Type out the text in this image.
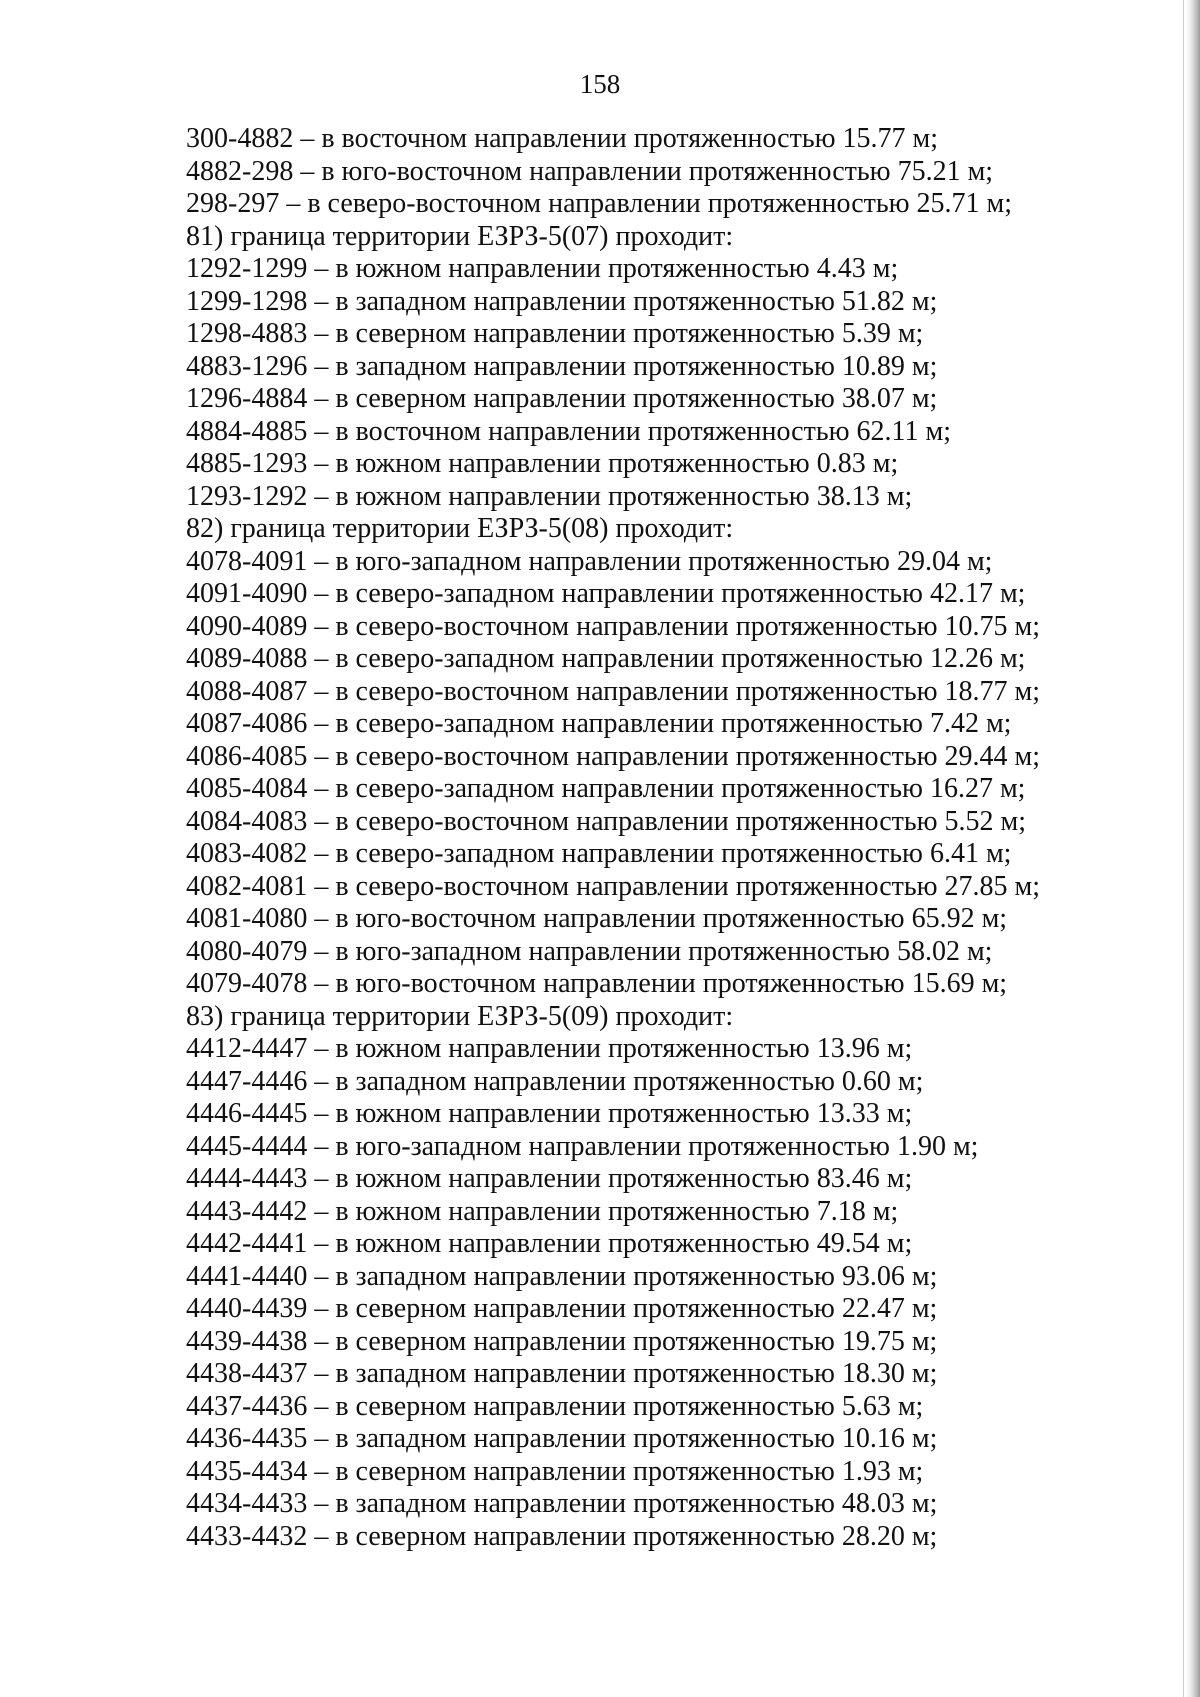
158
300-4882 – в восточном направлении протяженностью 15.77 м;
4882-298 – в юго-восточном направлении протяженностью 75.21 м;
298-297 – в северо-восточном направлении протяженностью 25.71 м;
81) граница территории ЕЗРЗ-5(07) проходит:
1292-1299 – в южном направлении протяженностью 4.43 м;
1299-1298 – в западном направлении протяженностью 51.82 м;
1298-4883 – в северном направлении протяженностью 5.39 м;
4883-1296 – в западном направлении протяженностью 10.89 м;
1296-4884 – в северном направлении протяженностью 38.07 м;
4884-4885 – в восточном направлении протяженностью 62.11 м;
4885-1293 – в южном направлении протяженностью 0.83 м;
1293-1292 – в южном направлении протяженностью 38.13 м;
82) граница территории ЕЗРЗ-5(08) проходит:
4078-4091 – в юго-западном направлении протяженностью 29.04 м;
4091-4090 – в северо-западном направлении протяженностью 42.17 м;
4090-4089 – в северо-восточном направлении протяженностью 10.75 м;
4089-4088 – в северо-западном направлении протяженностью 12.26 м;
4088-4087 – в северо-восточном направлении протяженностью 18.77 м;
4087-4086 – в северо-западном направлении протяженностью 7.42 м;
4086-4085 – в северо-восточном направлении протяженностью 29.44 м;
4085-4084 – в северо-западном направлении протяженностью 16.27 м;
4084-4083 – в северо-восточном направлении протяженностью 5.52 м;
4083-4082 – в северо-западном направлении протяженностью 6.41 м;
4082-4081 – в северо-восточном направлении протяженностью 27.85 м;
4081-4080 – в юго-восточном направлении протяженностью 65.92 м;
4080-4079 – в юго-западном направлении протяженностью 58.02 м;
4079-4078 – в юго-восточном направлении протяженностью 15.69 м;
83) граница территории ЕЗРЗ-5(09) проходит:
4412-4447 – в южном направлении протяженностью 13.96 м;
4447-4446 – в западном направлении протяженностью 0.60 м;
4446-4445 – в южном направлении протяженностью 13.33 м;
4445-4444 – в юго-западном направлении протяженностью 1.90 м;
4444-4443 – в южном направлении протяженностью 83.46 м;
4443-4442 – в южном направлении протяженностью 7.18 м;
4442-4441 – в южном направлении протяженностью 49.54 м;
4441-4440 – в западном направлении протяженностью 93.06 м;
4440-4439 – в северном направлении протяженностью 22.47 м;
4439-4438 – в северном направлении протяженностью 19.75 м;
4438-4437 – в западном направлении протяженностью 18.30 м;
4437-4436 – в северном направлении протяженностью 5.63 м;
4436-4435 – в западном направлении протяженностью 10.16 м;
4435-4434 – в северном направлении протяженностью 1.93 м;
4434-4433 – в западном направлении протяженностью 48.03 м;
4433-4432 – в северном направлении протяженностью 28.20 м;
